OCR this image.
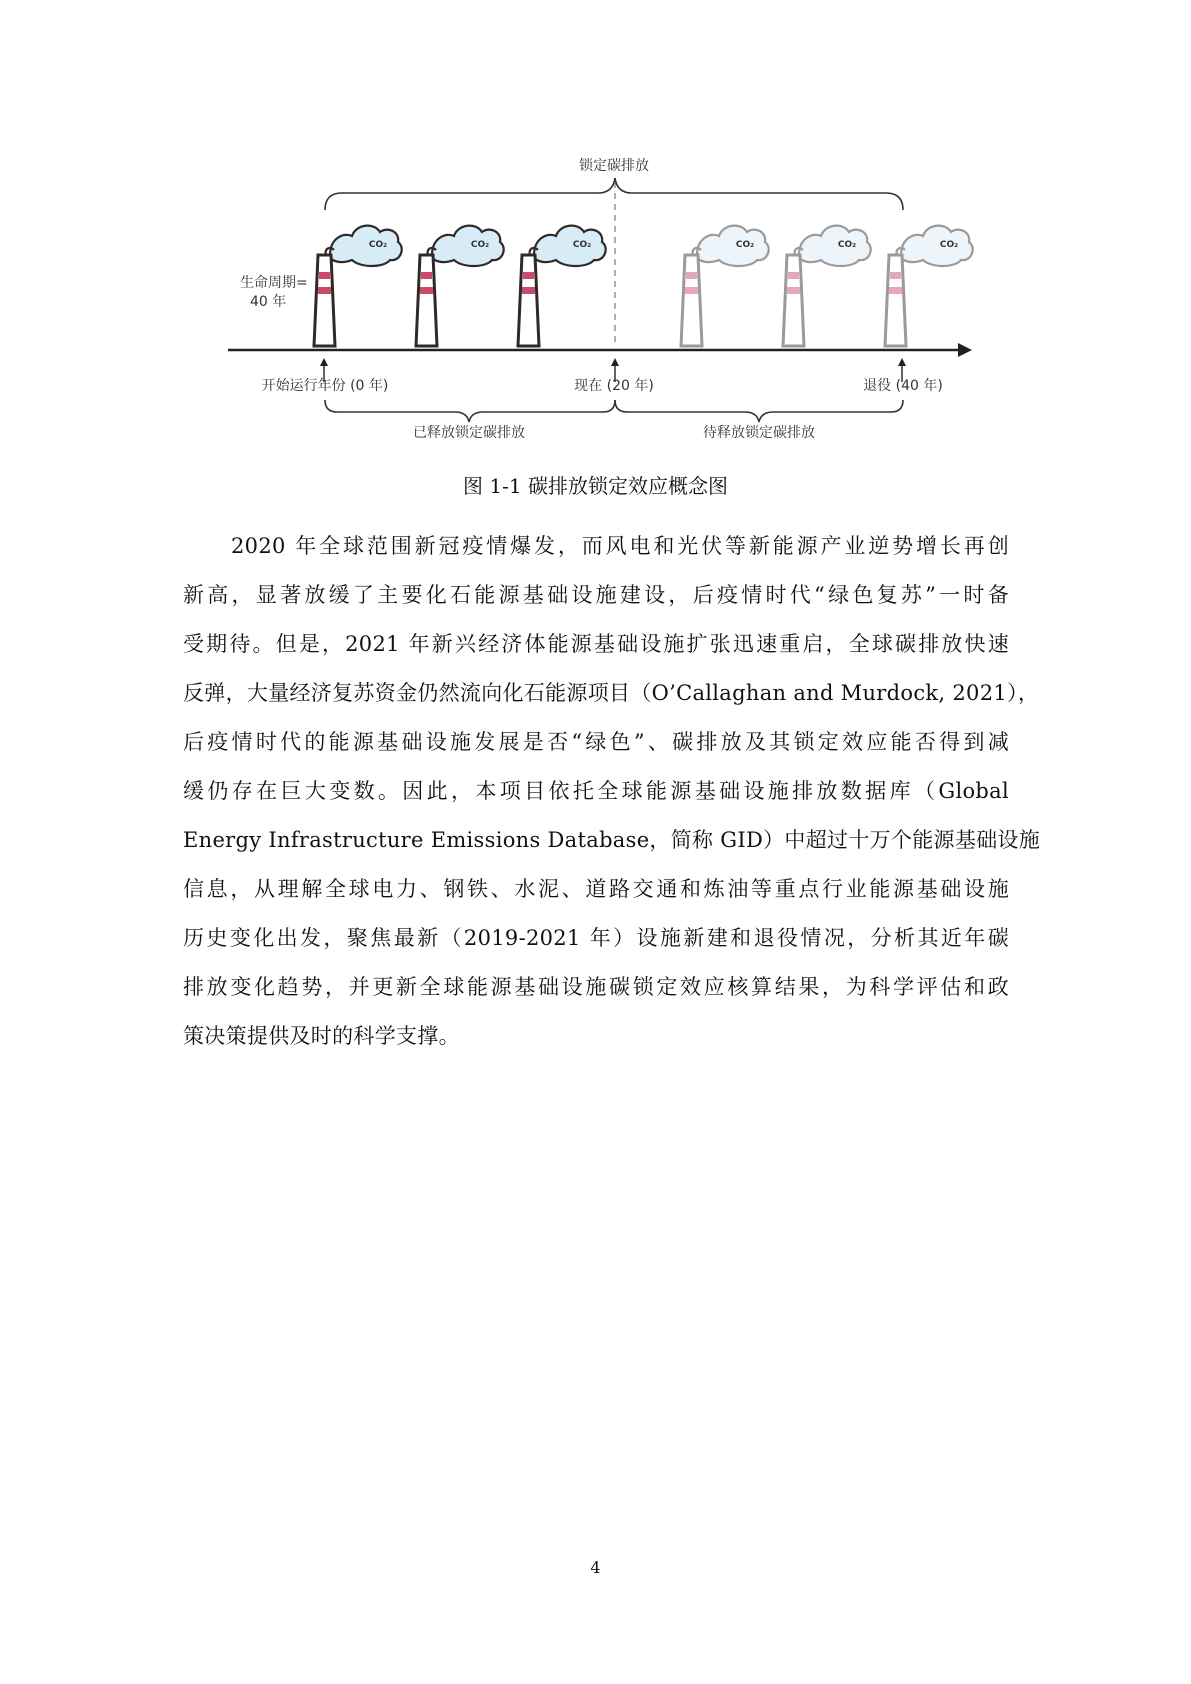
锁定碳排放
生命周期=
40 年
CO₂	CO₂	CO₂	CO₂	CO₂	CO₂
开始运行年份 (0 年)	现在 (20 年)	退役 (40 年)
已释放锁定碳排放	待释放锁定碳排放
图 1-1 碳排放锁定效应概念图
2020 年全球范围新冠疫情爆发，而风电和光伏等新能源产业逆势增长再创
新高，显著放缓了主要化石能源基础设施建设，后疫情时代“绿色复苏”一时备
受期待。但是，2021 年新兴经济体能源基础设施扩张迅速重启，全球碳排放快速
反弹，大量经济复苏资金仍然流向化石能源项目（O’Callaghan and Murdock, 2021），
后疫情时代的能源基础设施发展是否“绿色”、碳排放及其锁定效应能否得到减
缓仍存在巨大变数。因此，本项目依托全球能源基础设施排放数据库（Global
Energy Infrastructure Emissions Database，简称 GID）中超过十万个能源基础设施
信息，从理解全球电力、钢铁、水泥、道路交通和炼油等重点行业能源基础设施
历史变化出发，聚焦最新（2019-2021 年）设施新建和退役情况，分析其近年碳
排放变化趋势，并更新全球能源基础设施碳锁定效应核算结果，为科学评估和政
策决策提供及时的科学支撑。
4
